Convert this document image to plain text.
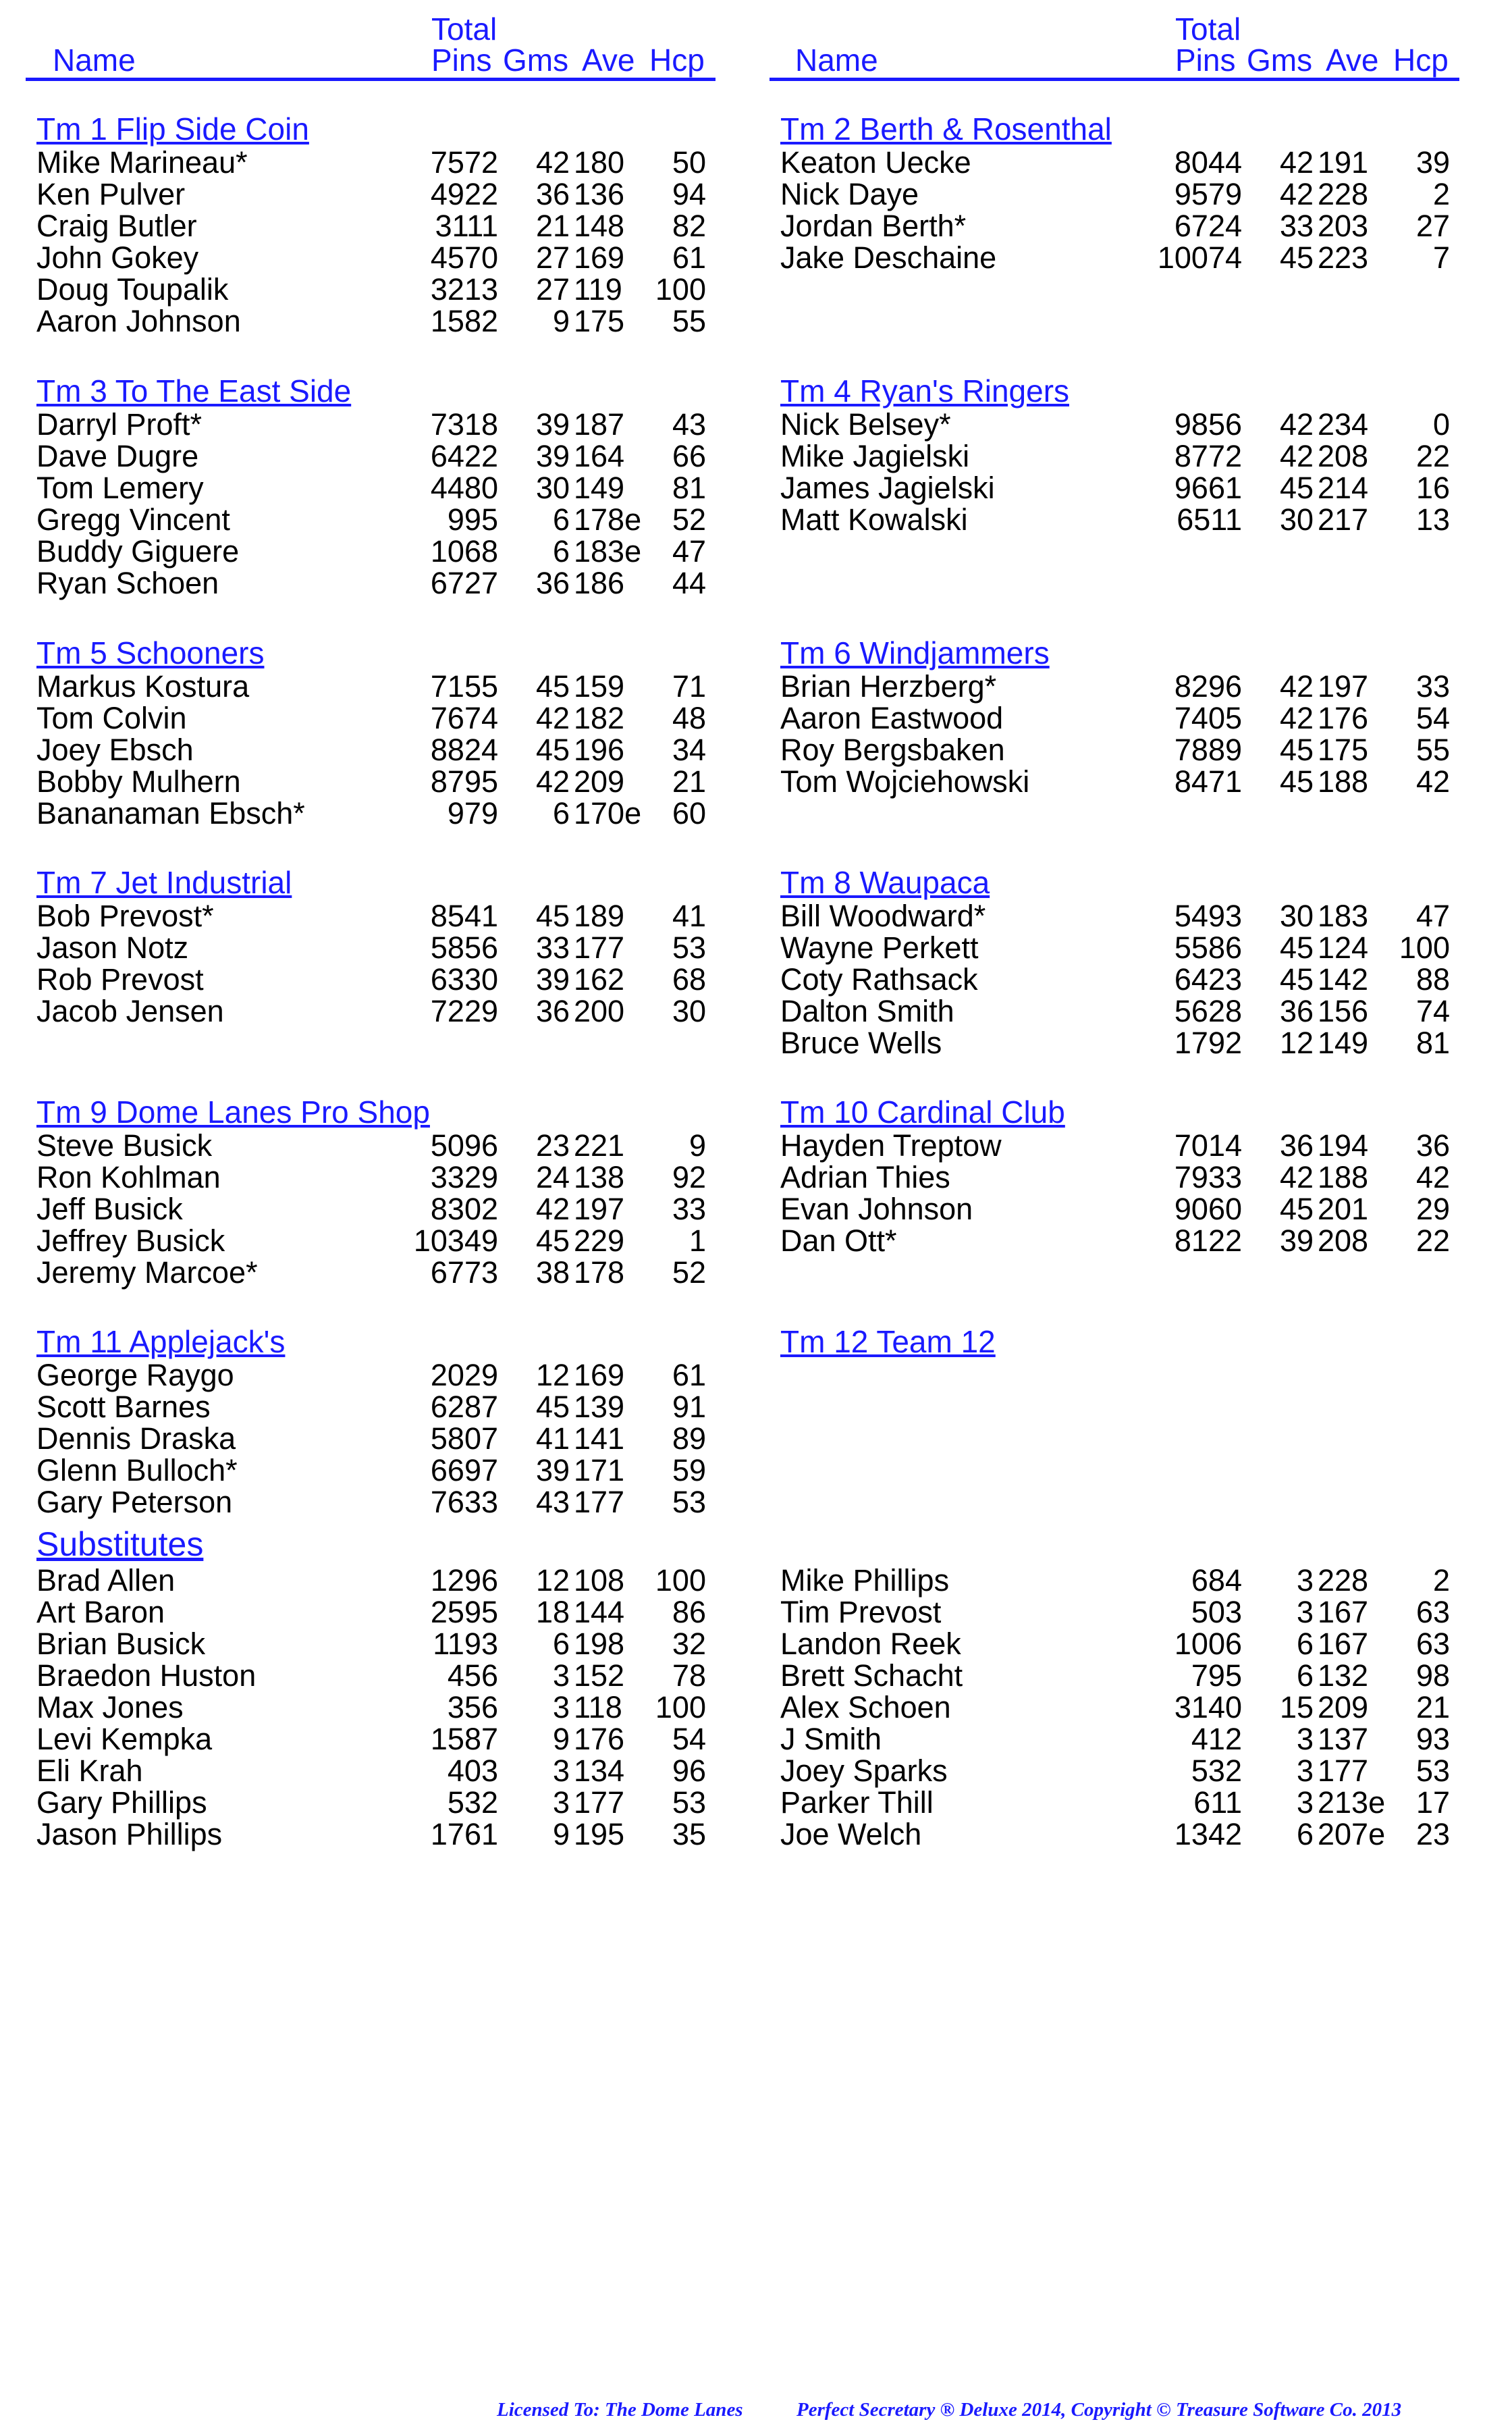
Name
Total
Pins Gms Ave Hcp	Name
Total
Pins Gms Ave Hcp
Tm 1 Flip Side Coin
Mike Marineau*	7572 42 180 50
Ken Pulver	4922 36 136 94
Craig Butler	3111 21 148 82
John Gokey	4570 27 169 61
Doug Toupalik	3213 27 119 100
Aaron Johnson	1582 9 175 55
Tm 3 To The East Side
Darryl Proft*	7318 39 187 43
Dave Dugre	6422 39 164 66
Tom Lemery	4480 30 149 81
Gregg Vincent	995 6 178e 52
Buddy Giguere	1068 6 183e 47
Ryan Schoen	6727 36 186 44
Tm 5 Schooners
Markus Kostura	7155 45 159 71
Tom Colvin	7674 42 182 48
Joey Ebsch	8824 45 196 34
Bobby Mulhern	8795 42 209 21
Bananaman Ebsch*	979 6 170e 60
Tm 7 Jet Industrial
Bob Prevost*	8541 45 189 41
Jason Notz	5856 33 177 53
Rob Prevost	6330 39 162 68
Jacob Jensen	7229 36 200 30
Tm 9 Dome Lanes Pro Shop
Steve Busick	5096 23 221 9
Ron Kohlman	3329 24 138 92
Jeff Busick	8302 42 197 33
Jeffrey Busick	10349 45 229 1
Jeremy Marcoe*	6773 38 178 52
Tm 11 Applejack's
George Raygo	2029 12 169 61
Scott Barnes	6287 45 139 91
Dennis Draska	5807 41 141 89
Glenn Bulloch*	6697 39 171 59
Gary Peterson	7633 43 177 53
Tm 2 Berth & Rosenthal
Keaton Uecke	8044 42 191 39
Nick Daye	9579 42 228 2
Jordan Berth*	6724 33 203 27
Jake Deschaine	10074 45 223 7
Tm 4 Ryan's Ringers
Nick Belsey*	9856 42 234 0
Mike Jagielski	8772 42 208 22
James Jagielski	9661 45 214 16
Matt Kowalski	6511 30 217 13
Tm 6 Windjammers
Brian Herzberg*	8296 42 197 33
Aaron Eastwood	7405 42 176 54
Roy Bergsbaken	7889 45 175 55
Tom Wojciehowski	8471 45 188 42
Tm 8 Waupaca
Bill Woodward*	5493 30 183 47
Wayne Perkett	5586 45 124 100
Coty Rathsack	6423 45 142 88
Dalton Smith	5628 36 156 74
Bruce Wells	1792 12 149 81
Tm 10 Cardinal Club
Hayden Treptow	7014 36 194 36
Adrian Thies	7933 42 188 42
Evan Johnson	9060 45 201 29
Dan Ott*	8122 39 208 22
Tm 12 Team 12
Substitutes
Brad Allen	1296 12 108 100
Art Baron	2595 18 144 86
Brian Busick	1193 6 198 32
Braedon Huston	456 3 152 78
Max Jones	356 3 118 100
Levi Kempka	1587 9 176 54
Eli Krah	403 3 134 96
Gary Phillips	532 3 177 53
Jason Phillips	1761 9 195 35
Mike Phillips	684 3 228 2
Tim Prevost	503 3 167 63
Landon Reek	1006 6 167 63
Brett Schacht	795 6 132 98
Alex Schoen	3140 15 209 21
J Smith	412 3 137 93
Joey Sparks	532 3 177 53
Parker Thill	611 3 213e 17
Joe Welch	1342 6 207e 23
Licensed To: The Dome Lanes	Perfect Secretary ® Deluxe 2014, Copyright © Treasure Software Co. 2013
